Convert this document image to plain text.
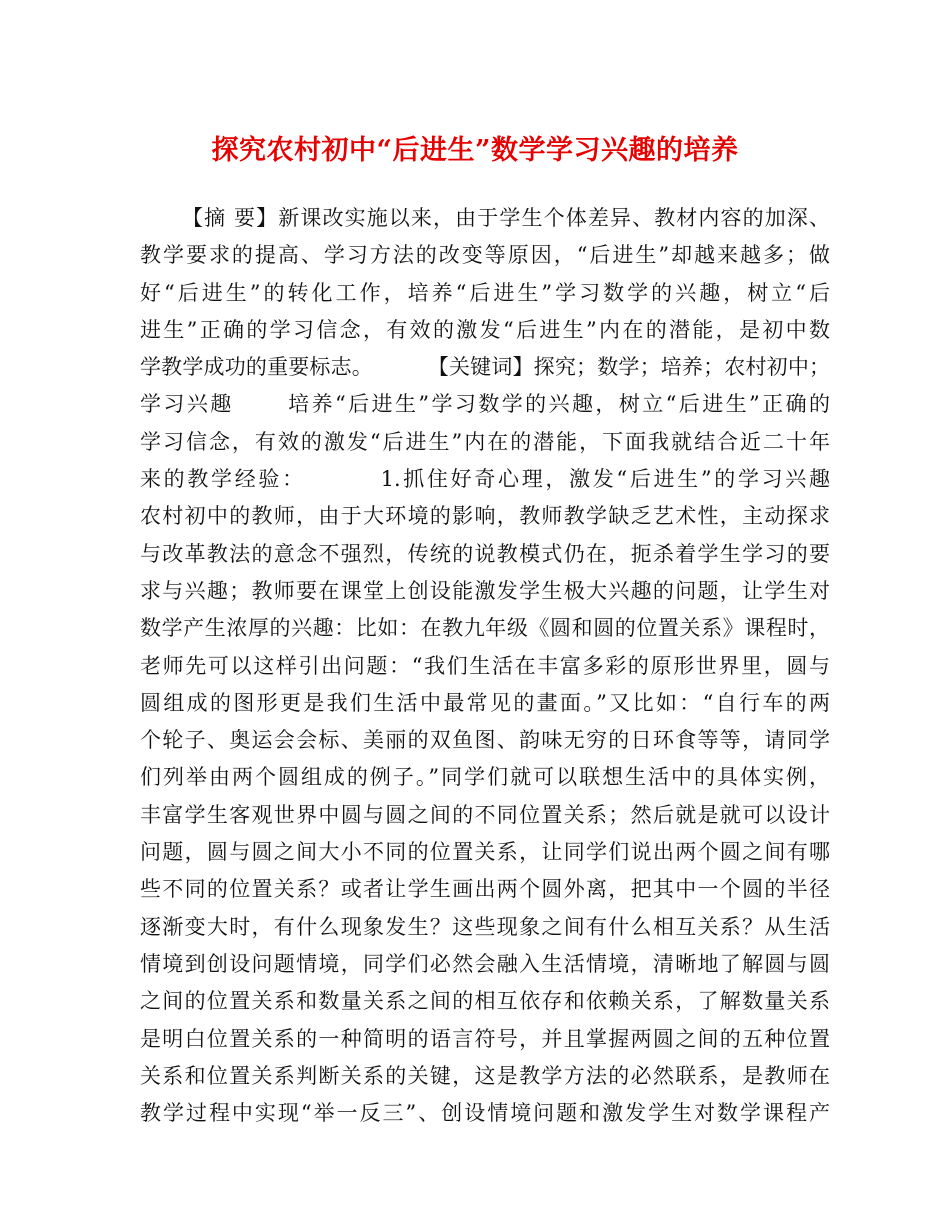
探究农村初中“后进生”数学学习兴趣的培养
【摘 要】新课改实施以来，由于学生个体差异、教材内容的加深、
教学要求的提高、学习方法的改变等原因，“后进生”却越来越多；做
好“后进生”的转化工作，培养“后进生”学习数学的兴趣，树立“后
进生”正确的学习信念，有效的激发“后进生”内在的潜能，是初中数
学教学成功的重要标志。        【关键词】探究；数学；培养；农村初中；
学习兴趣      培养“后进生”学习数学的兴趣，树立“后进生”正确的
学习信念，有效的激发“后进生”内在的潜能，下面我就结合近二十年
来的教学经验：        1.抓住好奇心理，激发“后进生”的学习兴趣
农村初中的教师，由于大环境的影响，教师教学缺乏艺术性，主动探求
与改革教法的意念不强烈，传统的说教模式仍在，扼杀着学生学习的要
求与兴趣；教师要在课堂上创设能激发学生极大兴趣的问题，让学生对
数学产生浓厚的兴趣：比如：在教九年级《圆和圆的位置关系》课程时，
老师先可以这样引出问题：“我们生活在丰富多彩的原形世界里，圆与
圆组成的图形更是我们生活中最常见的畫面。”又比如：“自行车的两
个轮子、奥运会会标、美丽的双鱼图、韵味无穷的日环食等等，请同学
们列举由两个圆组成的例子。”同学们就可以联想生活中的具体实例，
丰富学生客观世界中圆与圆之间的不同位置关系；然后就是就可以设计
问题，圆与圆之间大小不同的位置关系，让同学们说出两个圆之间有哪
些不同的位置关系？或者让学生画出两个圆外离，把其中一个圆的半径
逐渐变大时，有什么现象发生？这些现象之间有什么相互关系？从生活
情境到创设问题情境，同学们必然会融入生活情境，清晰地了解圆与圆
之间的位置关系和数量关系之间的相互依存和依赖关系，了解数量关系
是明白位置关系的一种简明的语言符号，并且掌握两圆之间的五种位置
关系和位置关系判断关系的关键，这是教学方法的必然联系，是教师在
教学过程中实现“举一反三”、创设情境问题和激发学生对数学课程产
